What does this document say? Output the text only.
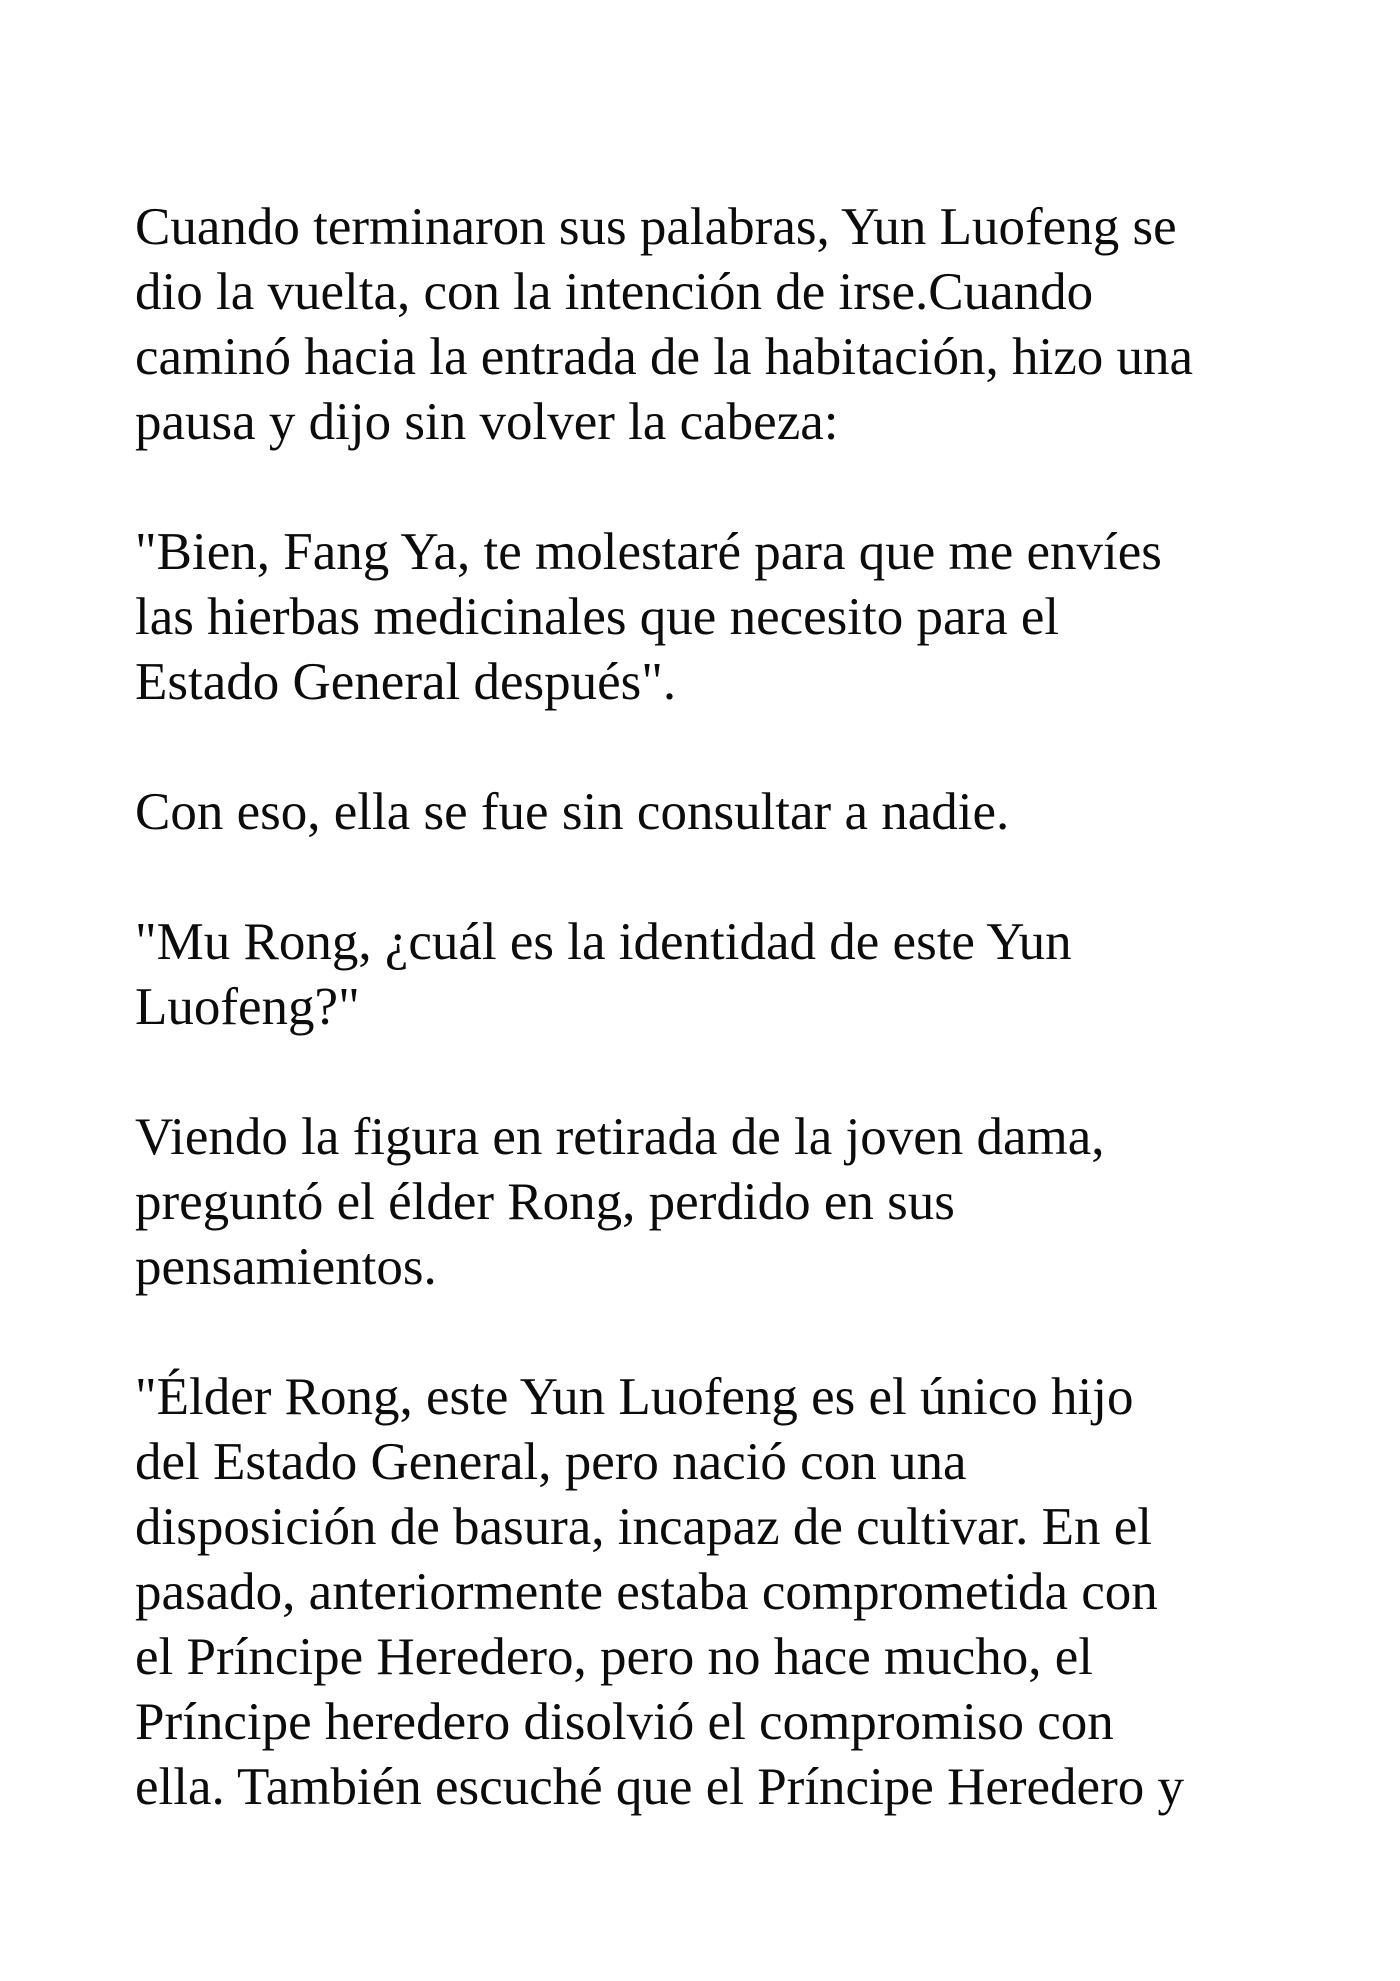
Cuando terminaron sus palabras, Yun Luofeng se
dio la vuelta, con la intención de irse.Cuando
caminó hacia la entrada de la habitación, hizo una
pausa y dijo sin volver la cabeza:

"Bien, Fang Ya, te molestaré para que me envíes
las hierbas medicinales que necesito para el
Estado General después".

Con eso, ella se fue sin consultar a nadie.

"Mu Rong, ¿cuál es la identidad de este Yun
Luofeng?"

Viendo la figura en retirada de la joven dama,
preguntó el élder Rong, perdido en sus
pensamientos.

"Élder Rong, este Yun Luofeng es el único hijo
del Estado General, pero nació con una
disposición de basura, incapaz de cultivar. En el
pasado, anteriormente estaba comprometida con
el Príncipe Heredero, pero no hace mucho, el
Príncipe heredero disolvió el compromiso con
ella. También escuché que el Príncipe Heredero y
